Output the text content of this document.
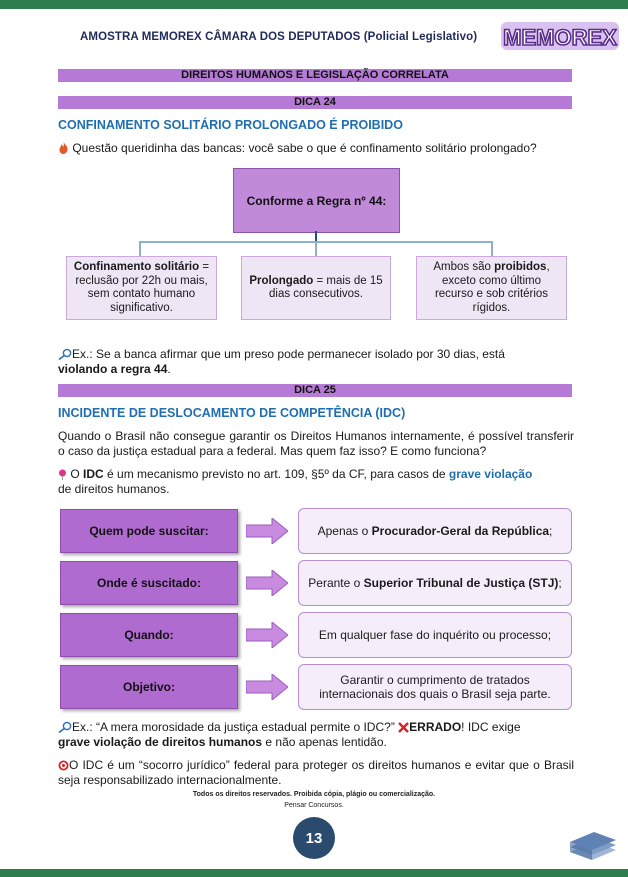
AMOSTRA MEMOREX CÂMARA DOS DEPUTADOS (Policial Legislativo) MEMOREX
DIREITOS HUMANOS E LEGISLAÇÃO CORRELATA
DICA 24
CONFINAMENTO SOLITÁRIO PROLONGADO É PROIBIDO
Questão queridinha das bancas: você sabe o que é confinamento solitário prolongado?
Conforme a Regra nº 44:
Confinamento solitário = reclusão por 22h ou mais, sem contato humano significativo.
Prolongado = mais de 15 dias consecutivos.
Ambos são proibidos, exceto como último recurso e sob critérios rígidos.
Ex.: Se a banca afirmar que um preso pode permanecer isolado por 30 dias, está
violando a regra 44.
DICA 25
INCIDENTE DE DESLOCAMENTO DE COMPETÊNCIA (IDC)
Quando o Brasil não consegue garantir os Direitos Humanos internamente, é possível transferir o caso da justiça estadual para a federal. Mas quem faz isso? E como funciona?
O IDC é um mecanismo previsto no art. 109, §5º da CF, para casos de grave violação
de direitos humanos.
Quem pode suscitar:	Apenas o Procurador-Geral da República;
Onde é suscitado:	Perante o Superior Tribunal de Justiça (STJ);
Quando:	Em qualquer fase do inquérito ou processo;
Objetivo:	Garantir o cumprimento de tratados internacionais dos quais o Brasil seja parte.
Ex.: “A mera morosidade da justiça estadual permite o IDC?” ERRADO! IDC exige
grave violação de direitos humanos e não apenas lentidão.
O IDC é um “socorro jurídico” federal para proteger os direitos humanos e evitar que o Brasil seja responsabilizado internacionalmente.
Todos os direitos reservados. Proibida cópia, plágio ou comercialização.
Pensar Concursos.
13
